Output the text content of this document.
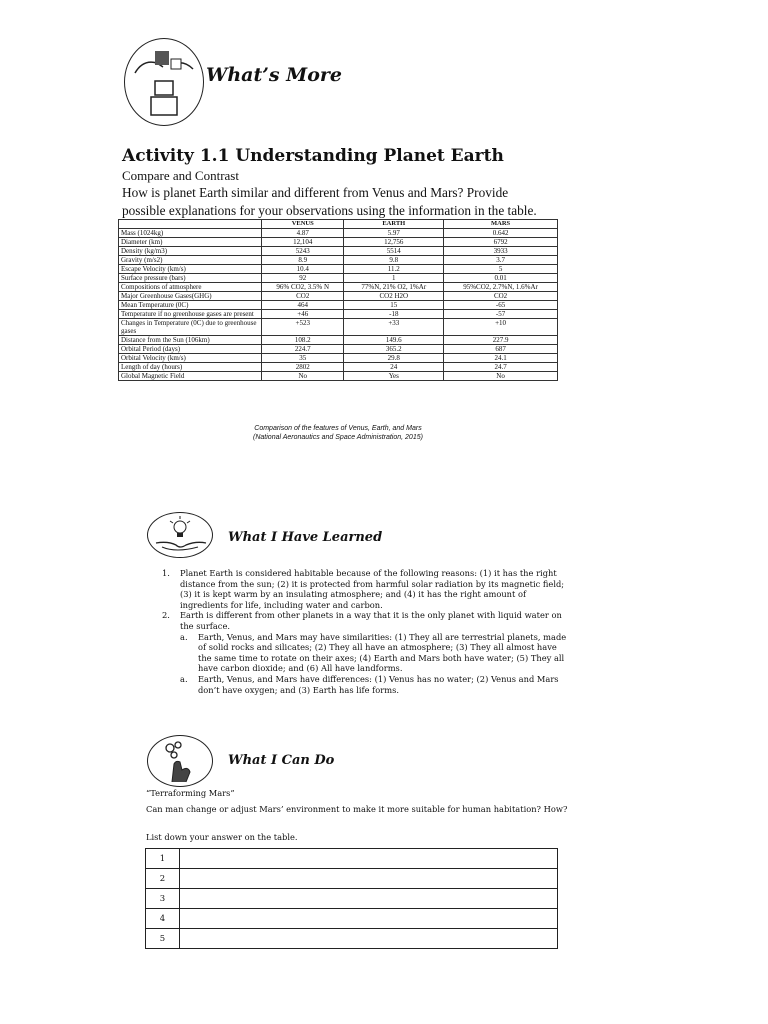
What’s More
Activity 1.1 Understanding Planet Earth
Compare and Contrast
How is planet Earth similar and different from Venus and Mars? Provide possible explanations for your observations using the information in the table.
	VENUS	EARTH	MARS
Mass (1024kg)	4.87	5.97	0.642
Diameter (km)	12,104	12,756	6792
Density (kg/m3)	5243	5514	3933
Gravity (m/s2)	8.9	9.8	3.7
Escape Velocity (km/s)	10.4	11.2	5
Surface pressure (bars)	92	1	0.01
Compositions of atmosphere	96% CO2, 3.5% N	77%N, 21% O2, 1%Ar	95%CO2, 2.7%N, 1.6%Ar
Major Greenhouse Gases(GHG)	CO2	CO2 H2O	CO2
Mean Temperature (0C)	464	15	-65
Temperature if no greenhouse gases are present	+46	-18	-57
Changes in Temperature (0C) due to greenhouse gases	+523	+33	+10
Distance from the Sun (106km)	108.2	149.6	227.9
Orbital Period (days)	224.7	365.2	687
Orbital Velocity (km/s)	35	29.8	24.1
Length of day (hours)	2802	24	24.7
Global Magnetic Field	No	Yes	No
Comparison of the features of Venus, Earth, and Mars
(National Aeronautics and Space Administration, 2015)
What I Have Learned
1. Planet Earth is considered habitable because of the following reasons: (1) it has the right distance from the sun; (2) it is protected from harmful solar radiation by its magnetic field; (3) it is kept warm by an insulating atmosphere; and (4) it has the right amount of ingredients for life, including water and carbon.
2. Earth is different from other planets in a way that it is the only planet with liquid water on the surface.
a. Earth, Venus, and Mars may have similarities: (1) They all are terrestrial planets, made of solid rocks and silicates; (2) They all have an atmosphere; (3) They all almost have the same time to rotate on their axes; (4) Earth and Mars both have water; (5) They all have carbon dioxide; and (6) All have landforms.
a. Earth, Venus, and Mars have differences: (1) Venus has no water; (2) Venus and Mars don’t have oxygen; and (3) Earth has life forms.
What I Can Do
“Terraforming Mars”
Can man change or adjust Mars’ environment to make it more suitable for human habitation? How?
List down your answer on the table.
1	
2	
3	
4	
5	
